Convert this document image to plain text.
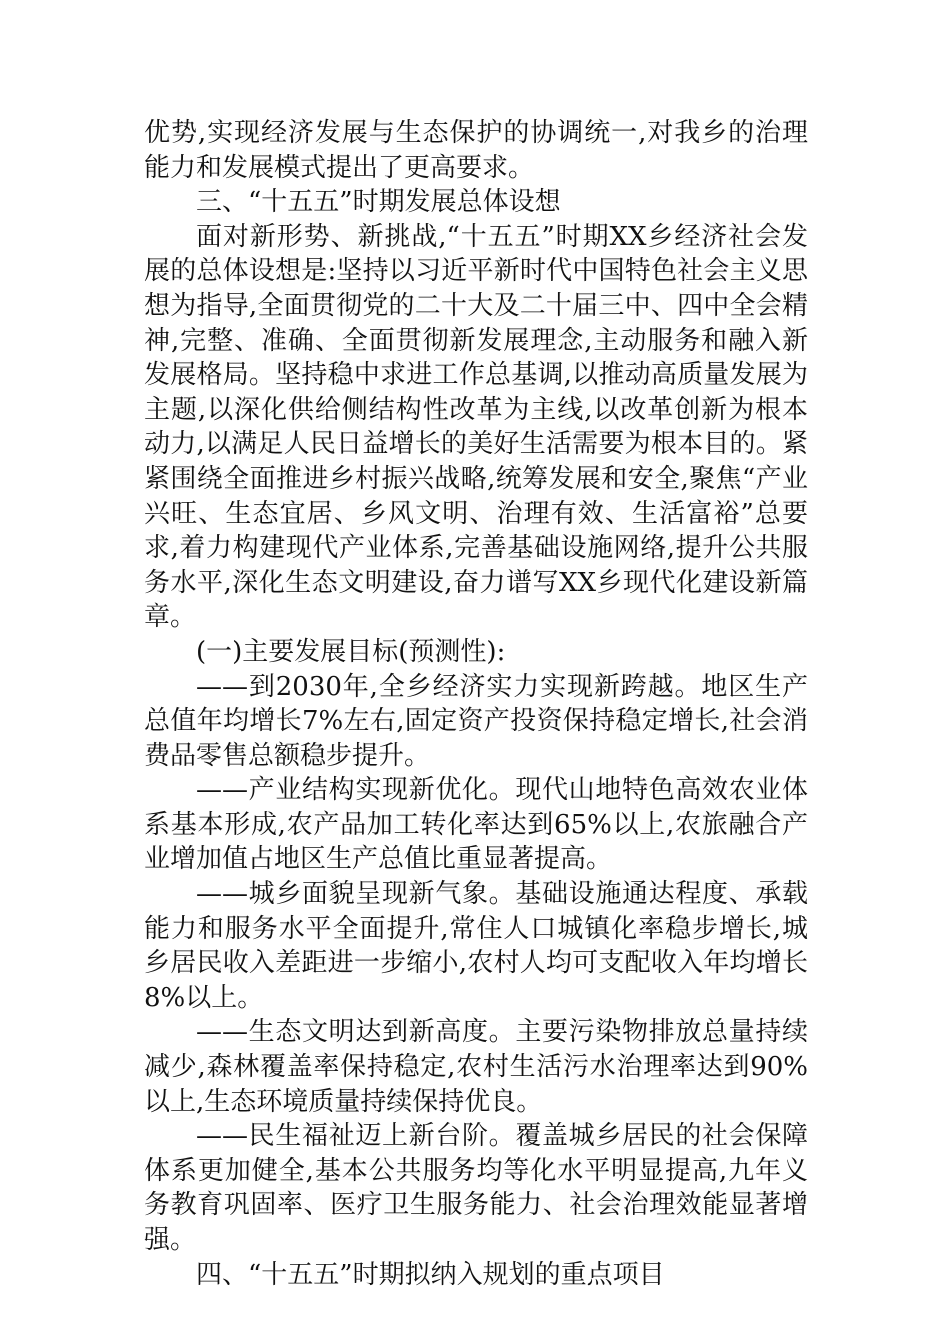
优势,实现经济发展与生态保护的协调统一,对我乡的治理能力和发展模式提出了更高要求。

三、“十五五”时期发展总体设想

面对新形势、新挑战,“十五五”时期XX乡经济社会发展的总体设想是:坚持以习近平新时代中国特色社会主义思想为指导,全面贯彻党的二十大及二十届三中、四中全会精神,完整、准确、全面贯彻新发展理念,主动服务和融入新发展格局。坚持稳中求进工作总基调,以推动高质量发展为主题,以深化供给侧结构性改革为主线,以改革创新为根本动力,以满足人民日益增长的美好生活需要为根本目的。紧紧围绕全面推进乡村振兴战略,统筹发展和安全,聚焦“产业兴旺、生态宜居、乡风文明、治理有效、生活富裕”总要求,着力构建现代产业体系,完善基础设施网络,提升公共服务水平,深化生态文明建设,奋力谱写XX乡现代化建设新篇章。

(一)主要发展目标(预测性):

——到2030年,全乡经济实力实现新跨越。地区生产总值年均增长7%左右,固定资产投资保持稳定增长,社会消费品零售总额稳步提升。

——产业结构实现新优化。现代山地特色高效农业体系基本形成,农产品加工转化率达到65%以上,农旅融合产业增加值占地区生产总值比重显著提高。

——城乡面貌呈现新气象。基础设施通达程度、承载能力和服务水平全面提升,常住人口城镇化率稳步增长,城乡居民收入差距进一步缩小,农村人均可支配收入年均增长8%以上。

——生态文明达到新高度。主要污染物排放总量持续减少,森林覆盖率保持稳定,农村生活污水治理率达到90%以上,生态环境质量持续保持优良。

——民生福祉迈上新台阶。覆盖城乡居民的社会保障体系更加健全,基本公共服务均等化水平明显提高,九年义务教育巩固率、医疗卫生服务能力、社会治理效能显著增强。

四、“十五五”时期拟纳入规划的重点项目
